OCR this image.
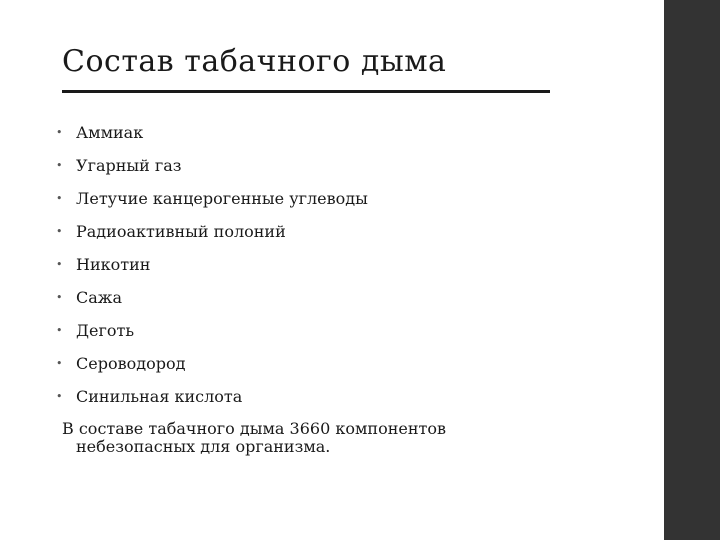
Состав табачного дыма
• Аммиак
• Угарный газ
• Летучие канцерогенные углеводы
• Радиоактивный полоний
• Никотин
• Сажа
• Деготь
• Сероводород
• Синильная кислота

В составе табачного дыма 3660 компонентов небезопасных для организма.
